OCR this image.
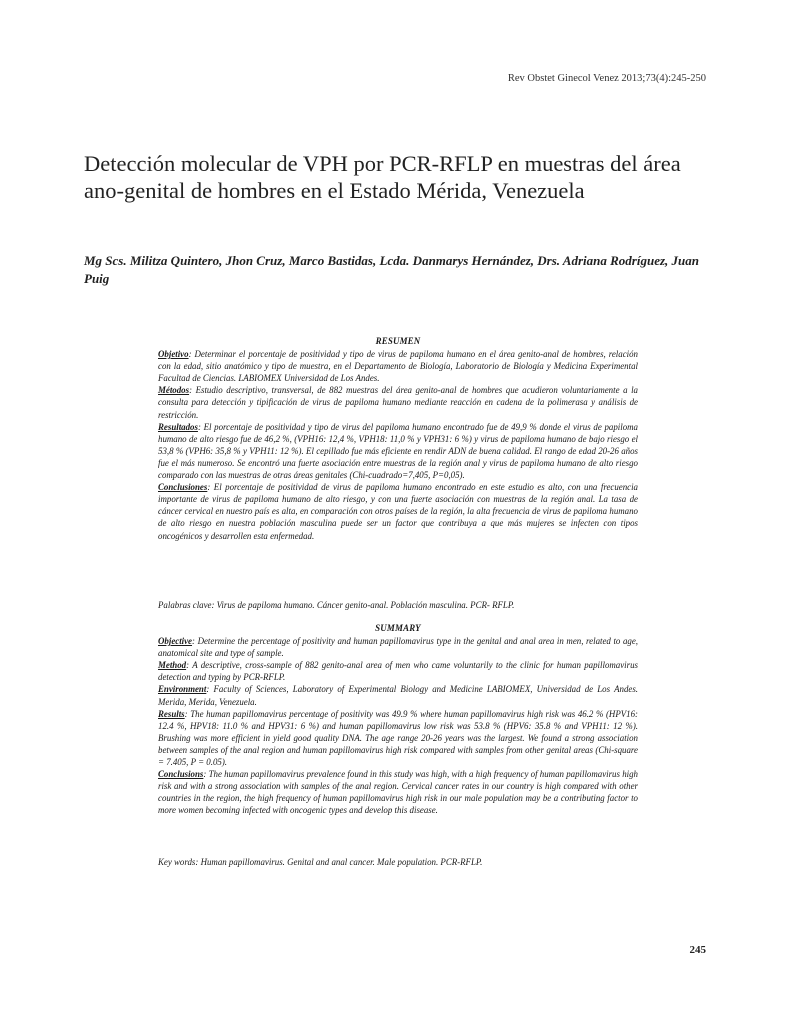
Rev Obstet Ginecol Venez 2013;73(4):245-250
Detección molecular de VPH por PCR-RFLP en muestras del área ano-genital de hombres en el Estado Mérida, Venezuela
Mg Scs. Militza Quintero, Jhon Cruz, Marco Bastidas, Lcda. Danmarys Hernández, Drs. Adriana Rodríguez, Juan Puig

RESUMEN

Objetivo: Determinar el porcentaje de positividad y tipo de virus de papiloma humano en el área genito-anal de hombres, relación con la edad, sitio anatómico y tipo de muestra, en el Departamento de Biología, Laboratorio de Biología y Medicina Experimental Facultad de Ciencias. LABIOMEX Universidad de Los Andes.

Métodos: Estudio descriptivo, transversal, de 882 muestras del área genito-anal de hombres que acudieron voluntariamente a la consulta para detección y tipificación de virus de papiloma humano mediante reacción en cadena de la polimerasa y análisis de restricción.

Resultados: El porcentaje de positividad y tipo de virus del papiloma humano encontrado fue de 49,9 % donde el virus de papiloma humano de alto riesgo fue de 46,2 %, (VPH16: 12,4 %, VPH18: 11,0 % y VPH31: 6 %) y virus de papiloma humano de bajo riesgo el 53,8 % (VPH6: 35,8 % y VPH11: 12 %). El cepillado fue más eficiente en rendir ADN de buena calidad. El rango de edad 20-26 años fue el más numeroso. Se encontró una fuerte asociación entre muestras de la región anal y virus de papiloma humano de alto riesgo comparado con las muestras de otras áreas genitales (Chi-cuadrado=7,405, P=0,05).

Conclusiones: El porcentaje de positividad de virus de papiloma humano encontrado en este estudio es alto, con una frecuencia importante de virus de papiloma humano de alto riesgo, y con una fuerte asociación con muestras de la región anal. La tasa de cáncer cervical en nuestro país es alta, en comparación con otros países de la región, la alta frecuencia de virus de papiloma humano de alto riesgo en nuestra población masculina puede ser un factor que contribuya a que más mujeres se infecten con tipos oncogénicos y desarrollen esta enfermedad.

Palabras clave: Virus de papiloma humano. Cáncer genito-anal. Población masculina. PCR- RFLP.

SUMMARY

Objective: Determine the percentage of positivity and human papillomavirus type in the genital and anal area in men, related to age, anatomical site and type of sample.

Method: A descriptive, cross-sample of 882 genito-anal area of men who came voluntarily to the clinic for human papillomavirus detection and typing by PCR-RFLP.

Environment: Faculty of Sciences, Laboratory of Experimental Biology and Medicine LABIOMEX, Universidad de Los Andes. Merida, Merida, Venezuela.

Results: The human papillomavirus percentage of positivity was 49.9 % where human papillomavirus high risk was 46.2 % (HPV16: 12.4 %, HPV18: 11.0 % and HPV31: 6 %) and human papillomavirus low risk was 53.8 % (HPV6: 35.8 % and VPH11: 12 %). Brushing was more efficient in yield good quality DNA. The age range 20-26 years was the largest. We found a strong association between samples of the anal region and human papillomavirus high risk compared with samples from other genital areas (Chi-square = 7.405, P = 0.05).

Conclusions: The human papillomavirus prevalence found in this study was high, with a high frequency of human papillomavirus high risk and with a strong association with samples of the anal region. Cervical cancer rates in our country is high compared with other countries in the region, the high frequency of human papillomavirus high risk in our male population may be a contributing factor to more women becoming infected with oncogenic types and develop this disease.

Key words: Human papillomavirus. Genital and anal cancer. Male population. PCR-RFLP.
245
